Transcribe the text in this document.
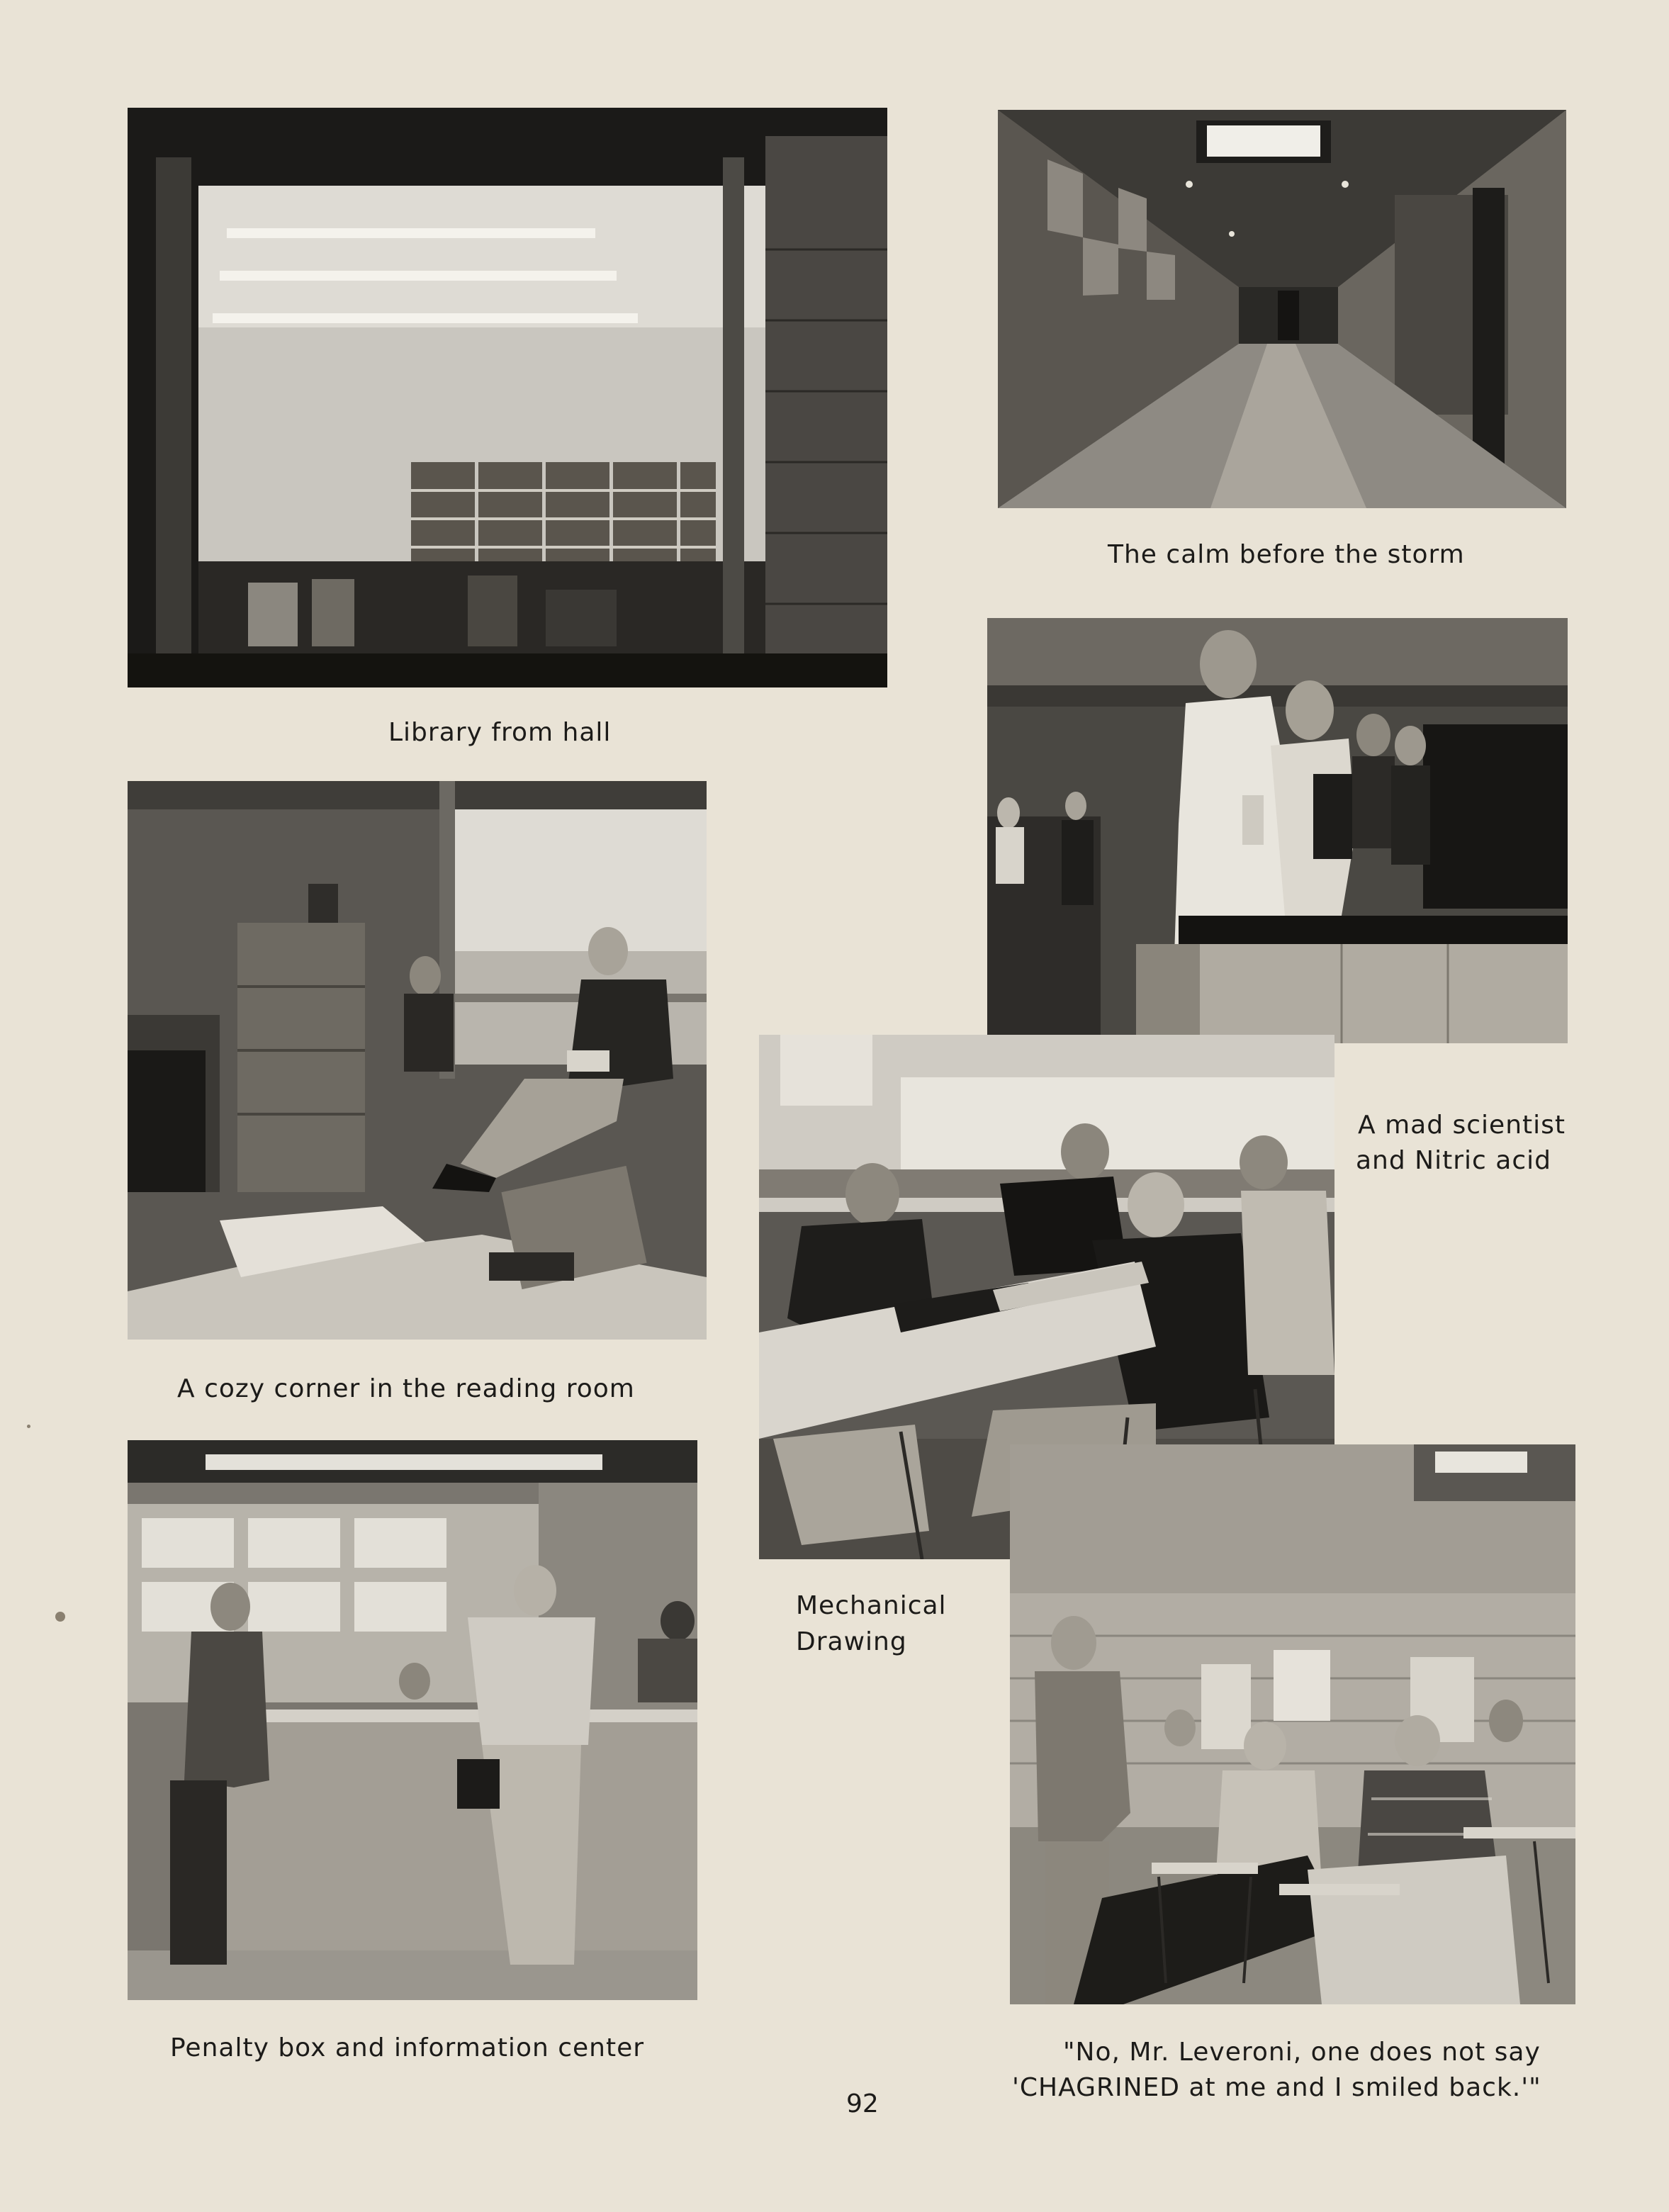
Library from hall
The calm before the storm
A mad scientist
and Nitric acid
A cozy corner in the reading room
Mechanical
Drawing
Penalty box and information center	"No, Mr. Leveroni, one does not say
'CHAGRINED at me and I smiled back.'"
92
